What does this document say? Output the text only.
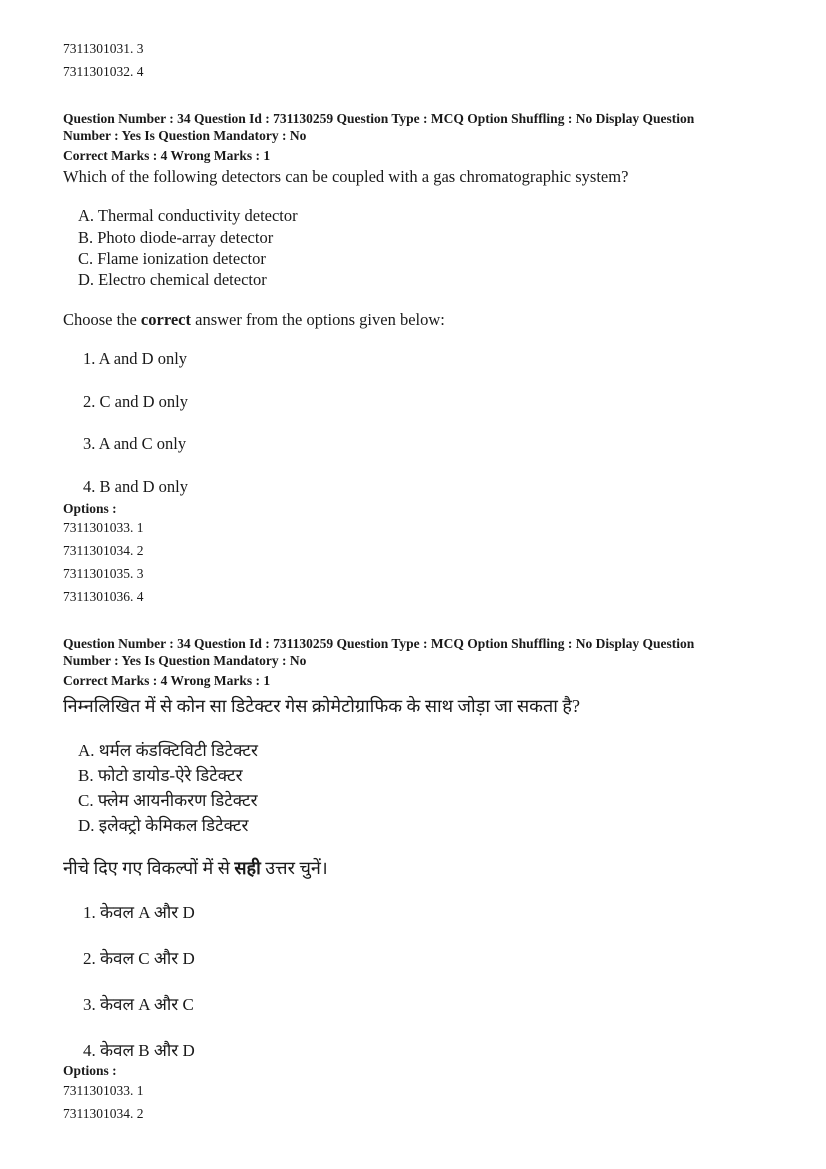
7311301031. 3
7311301032. 4
Question Number : 34 Question Id : 731130259 Question Type : MCQ Option Shuffling : No Display Question
Number : Yes Is Question Mandatory : No
Correct Marks : 4 Wrong Marks : 1
Which of the following detectors can be coupled with a gas chromatographic system?
A. Thermal conductivity detector
B. Photo diode-array detector
C. Flame ionization detector
D. Electro chemical detector
Choose the correct answer from the options given below:
1. A and D only
2. C and D only
3. A and C only
4. B and D only
Options :
7311301033. 1
7311301034. 2
7311301035. 3
7311301036. 4
Question Number : 34 Question Id : 731130259 Question Type : MCQ Option Shuffling : No Display Question
Number : Yes Is Question Mandatory : No
Correct Marks : 4 Wrong Marks : 1
निम्नलिखित में से कोन सा डिटेक्टर गेस क्रोमेटोग्राफिक के साथ जोड़ा जा सकता है?
A. थर्मल कंडक्टिविटी डिटेक्टर
B. फोटो डायोड-ऐरे डिटेक्टर
C. फ्लेम आयनीकरण डिटेक्टर
D. इलेक्ट्रो केमिकल डिटेक्टर
नीचे दिए गए विकल्पों में से सही उत्तर चुनें।
1. केवल A और D
2. केवल C और D
3. केवल A और C
4. केवल B और D
Options :
7311301033. 1
7311301034. 2
